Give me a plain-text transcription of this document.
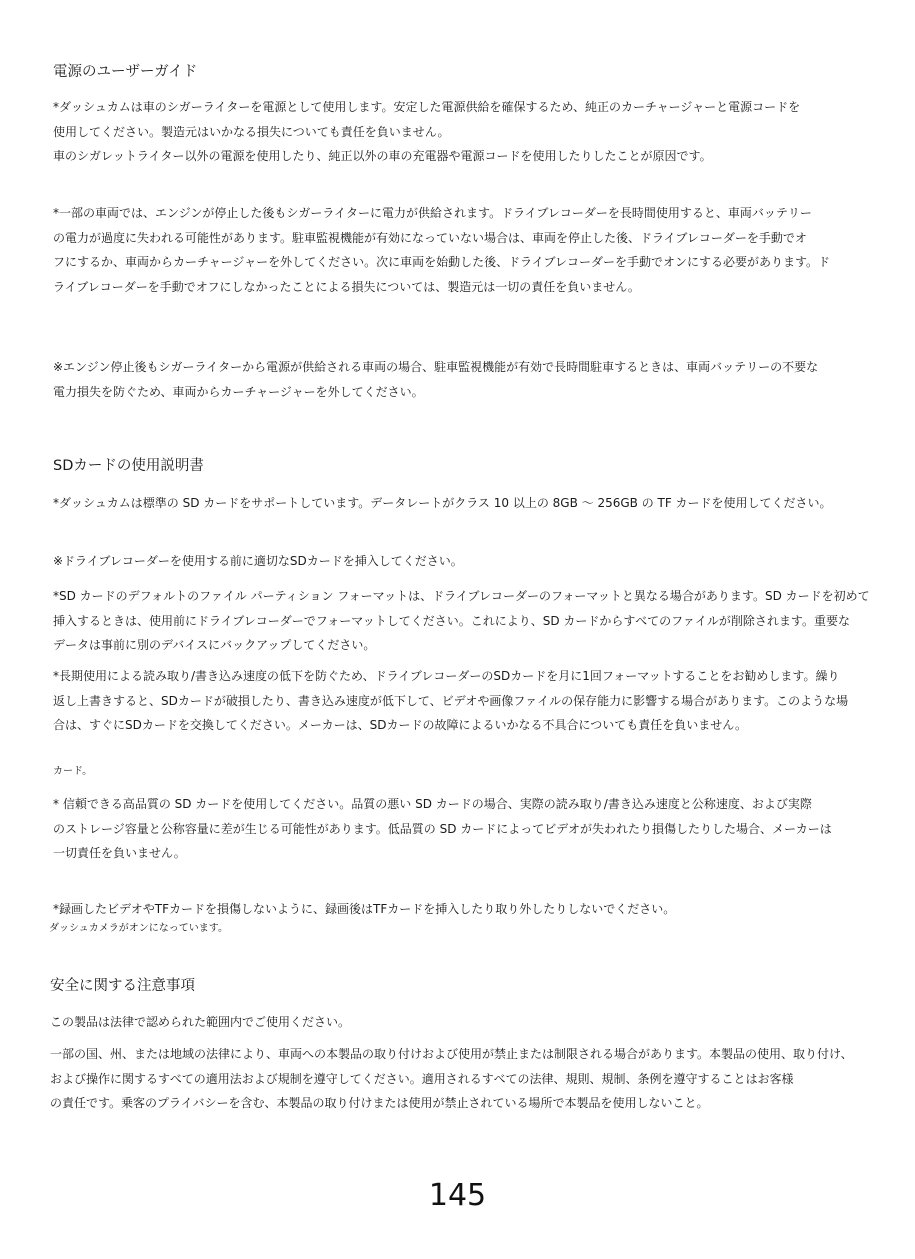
電源のユーザーガイド
*ダッシュカムは車のシガーライターを電源として使用します。安定した電源供給を確保するため、純正のカーチャージャーと電源コードを
使用してください。製造元はいかなる損失についても責任を負いません。
車のシガレットライター以外の電源を使用したり、純正以外の車の充電器や電源コードを使用したりしたことが原因です。
*一部の車両では、エンジンが停止した後もシガーライターに電力が供給されます。ドライブレコーダーを長時間使用すると、車両バッテリー
の電力が過度に失われる可能性があります。駐車監視機能が有効になっていない場合は、車両を停止した後、ドライブレコーダーを手動でオ
フにするか、車両からカーチャージャーを外してください。次に車両を始動した後、ドライブレコーダーを手動でオンにする必要があります。ド
ライブレコーダーを手動でオフにしなかったことによる損失については、製造元は一切の責任を負いません。
※エンジン停止後もシガーライターから電源が供給される車両の場合、駐車監視機能が有効で長時間駐車するときは、車両バッテリーの不要な
電力損失を防ぐため、車両からカーチャージャーを外してください。
SDカードの使用説明書
*ダッシュカムは標準の SD カードをサポートしています。データレートがクラス 10 以上の 8GB 〜 256GB の TF カードを使用してください。
※ドライブレコーダーを使用する前に適切なSDカードを挿入してください。
*SD カードのデフォルトのファイル パーティション フォーマットは、ドライブレコーダーのフォーマットと異なる場合があります。SD カードを初めて
挿入するときは、使用前にドライブレコーダーでフォーマットしてください。これにより、SD カードからすべてのファイルが削除されます。重要な
データは事前に別のデバイスにバックアップしてください。
*長期使用による読み取り/書き込み速度の低下を防ぐため、ドライブレコーダーのSDカードを月に1回フォーマットすることをお勧めします。繰り
返し上書きすると、SDカードが破損したり、書き込み速度が低下して、ビデオや画像ファイルの保存能力に影響する場合があります。このような場
合は、すぐにSDカードを交換してください。メーカーは、SDカードの故障によるいかなる不具合についても責任を負いません。
カード。
* 信頼できる高品質の SD カードを使用してください。品質の悪い SD カードの場合、実際の読み取り/書き込み速度と公称速度、および実際
のストレージ容量と公称容量に差が生じる可能性があります。低品質の SD カードによってビデオが失われたり損傷したりした場合、メーカーは
一切責任を負いません。
*録画したビデオやTFカードを損傷しないように、録画後はTFカードを挿入したり取り外したりしないでください。
ダッシュカメラがオンになっています。
安全に関する注意事項
この製品は法律で認められた範囲内でご使用ください。
一部の国、州、または地域の法律により、車両への本製品の取り付けおよび使用が禁止または制限される場合があります。本製品の使用、取り付け、
および操作に関するすべての適用法および規制を遵守してください。適用されるすべての法律、規則、規制、条例を遵守することはお客様
の責任です。乗客のプライバシーを含む、本製品の取り付けまたは使用が禁止されている場所で本製品を使用しないこと。
145
